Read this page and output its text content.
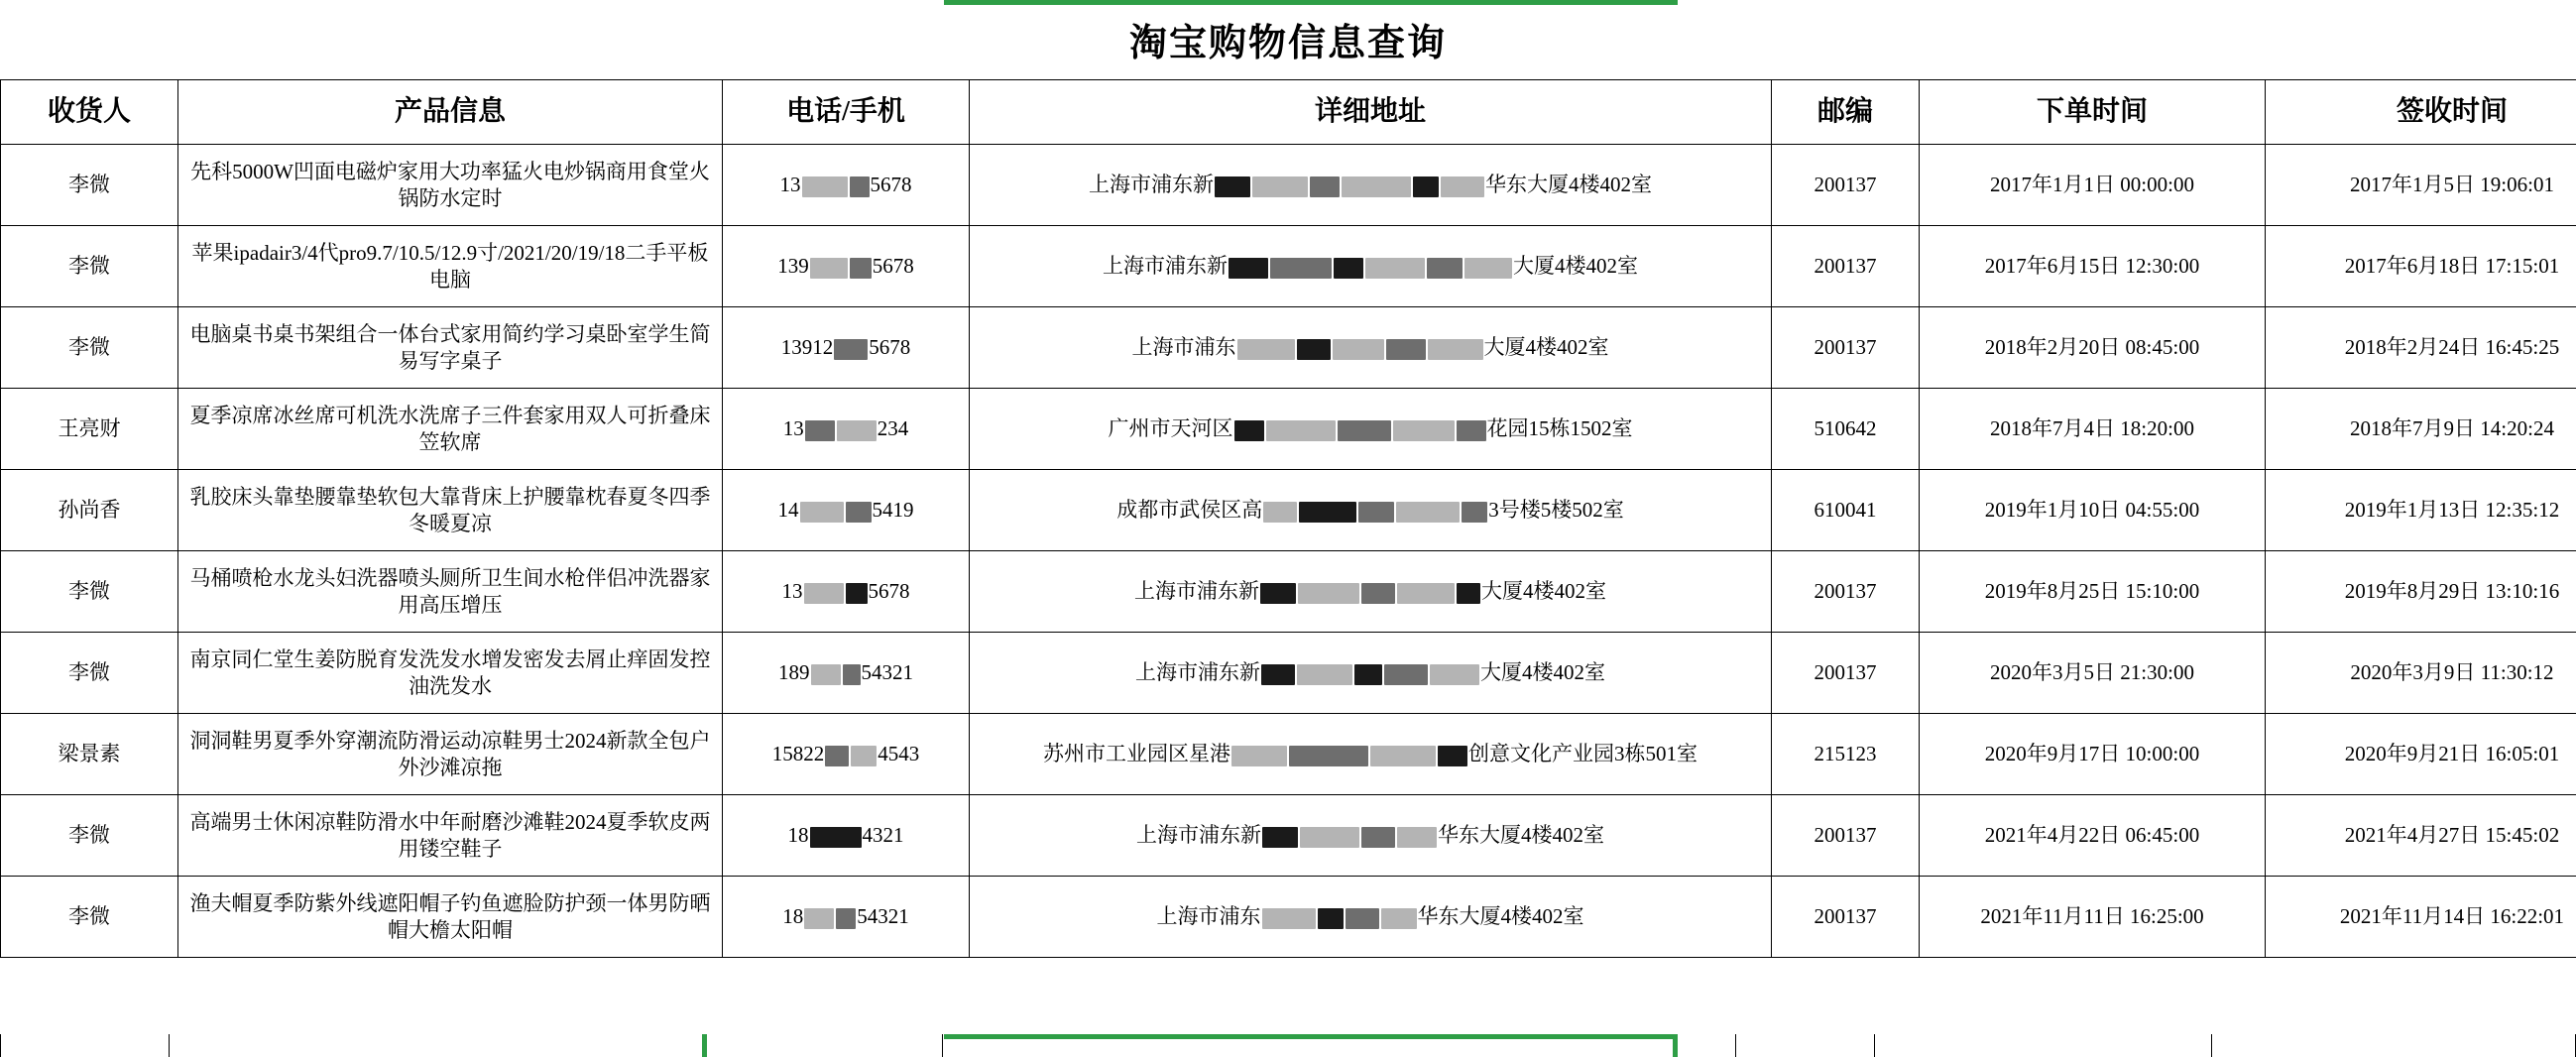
淘宝购物信息查询
收货人	产品信息	电话/手机	详细地址	邮编	下单时间	签收时间
李微	先科5000W凹面电磁炉家用大功率猛火电炒锅商用食堂火锅防水定时	13 5678	上海市浦东新 华东大厦4楼402室	200137	2017年1月1日 00:00:00	2017年1月5日 19:06:01
李微	苹果ipadair3/4代pro9.7/10.5/12.9寸/2021/20/19/18二手平板电脑	139 5678	上海市浦东新 大厦4楼402室	200137	2017年6月15日 12:30:00	2017年6月18日 17:15:01
李微	电脑桌书桌书架组合一体台式家用简约学习桌卧室学生简易写字桌子	13912 5678	上海市浦东 大厦4楼402室	200137	2018年2月20日 08:45:00	2018年2月24日 16:45:25
王亮财	夏季凉席冰丝席可机洗水洗席子三件套家用双人可折叠床笠软席	13 234	广州市天河区 花园15栋1502室	510642	2018年7月4日 18:20:00	2018年7月9日 14:20:24
孙尚香	乳胶床头靠垫腰靠垫软包大靠背床上护腰靠枕春夏冬四季冬暖夏凉	14 5419	成都市武侯区高 3号楼5楼502室	610041	2019年1月10日 04:55:00	2019年1月13日 12:35:12
李微	马桶喷枪水龙头妇洗器喷头厕所卫生间水枪伴侣冲洗器家用高压增压	13 5678	上海市浦东新 大厦4楼402室	200137	2019年8月25日 15:10:00	2019年8月29日 13:10:16
李微	南京同仁堂生姜防脱育发洗发水增发密发去屑止痒固发控油洗发水	189 54321	上海市浦东新 大厦4楼402室	200137	2020年3月5日 21:30:00	2020年3月9日 11:30:12
梁景素	洞洞鞋男夏季外穿潮流防滑运动凉鞋男士2024新款全包户外沙滩凉拖	15822 4543	苏州市工业园区星港 创意文化产业园3栋501室	215123	2020年9月17日 10:00:00	2020年9月21日 16:05:01
李微	高端男士休闲凉鞋防滑水中年耐磨沙滩鞋2024夏季软皮两用镂空鞋子	18 4321	上海市浦东新 华东大厦4楼402室	200137	2021年4月22日 06:45:00	2021年4月27日 15:45:02
李微	渔夫帽夏季防紫外线遮阳帽子钓鱼遮脸防护颈一体男防晒帽大檐太阳帽	18 54321	上海市浦东 华东大厦4楼402室	200137	2021年11月11日 16:25:00	2021年11月14日 16:22:01
